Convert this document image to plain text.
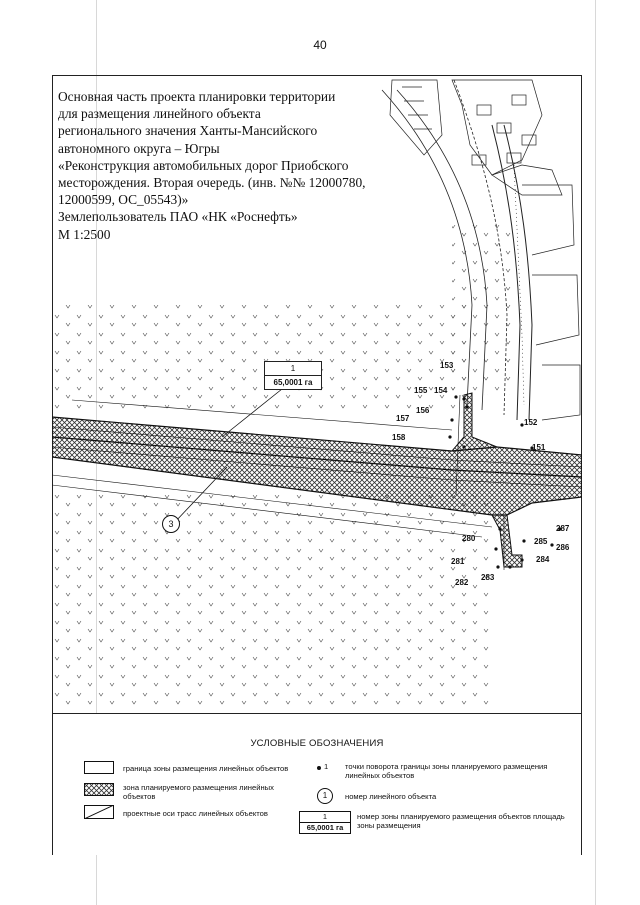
40
1
65,0001 га
3
153
155 154
156
157
158
152
151
287
286
285
284
280
281
282
283
Основная часть проекта планировки территории
для размещения линейного объекта
регионального значения Ханты-Мансийского
автономного округа – Югры
«Реконструкция автомобильных дорог Приобского
месторождения. Вторая очередь. (инв. №№ 12000780,
12000599, ОС_05543)»
Землепользователь ПАО «НК «Роснефть»
М 1:2500
УСЛОВНЫЕ ОБОЗНАЧЕНИЯ
граница зоны размещения линейных объектов
зона планируемого размещения линейных объектов
проектные оси трасс линейных объектов
1 точки поворота границы зоны планируемого размещения линейных объектов
1	номер линейного объекта
1
65,0001 га
номер зоны планируемого размещения объектов площадь зоны размещения
